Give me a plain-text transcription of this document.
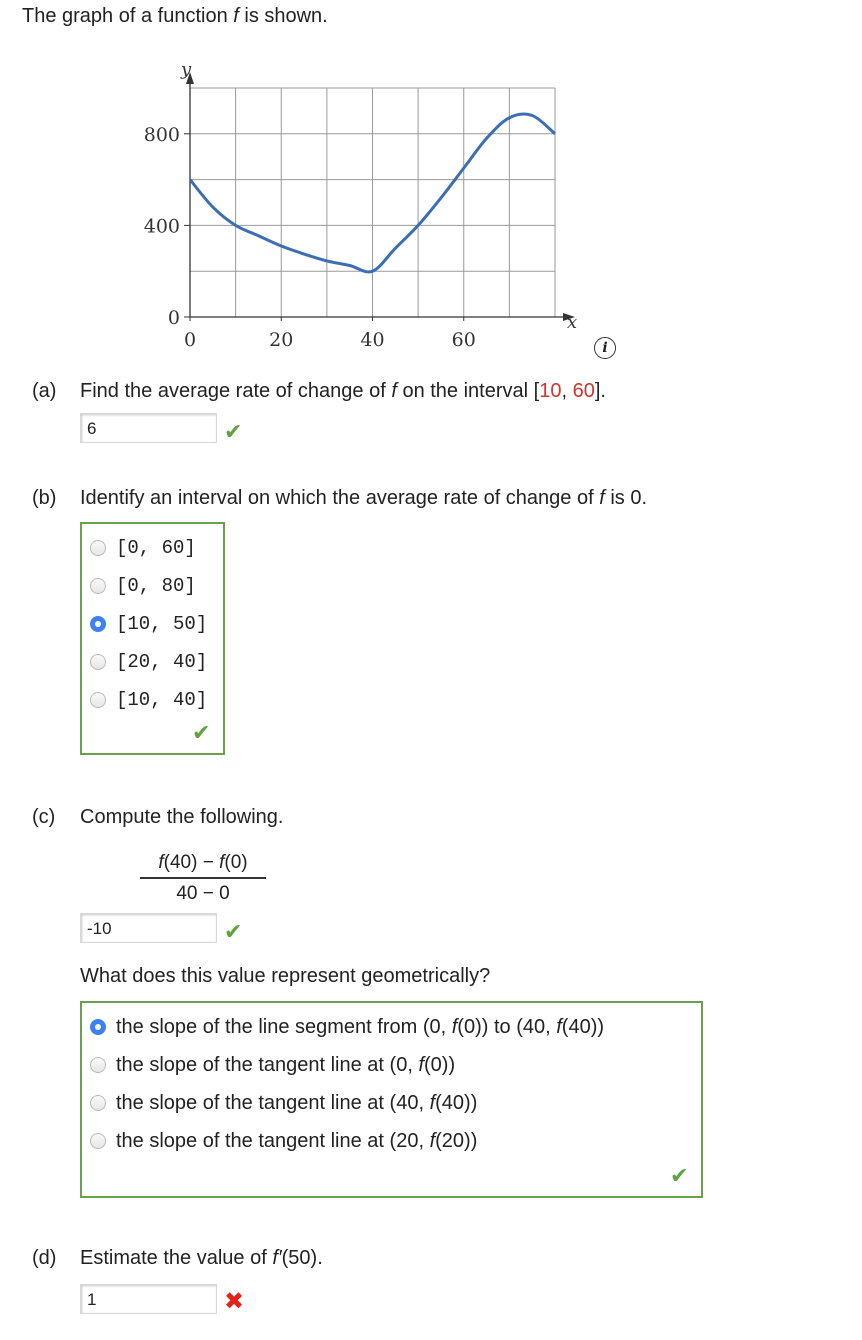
The graph of a function f is shown.
0	20	40	60
0
400
800
y
x
i
(a) Find the average rate of change of f on the interval [10, 60].
6	✔
(b) Identify an interval on which the average rate of change of f is 0.
[0, 60]
[0, 80]
[10, 50]
[20, 40]
[10, 40]
✔
(c) Compute the following.
$\frac{f(40) - f(0)}{40 - 0}$
-10	✔
What does this value represent geometrically?
the slope of the line segment from (0, f(0)) to (40, f(40))
the slope of the tangent line at (0, f(0))
the slope of the tangent line at (40, f(40))
the slope of the tangent line at (20, f(20))
✔
(d) Estimate the value of f′(50).
1	✖
